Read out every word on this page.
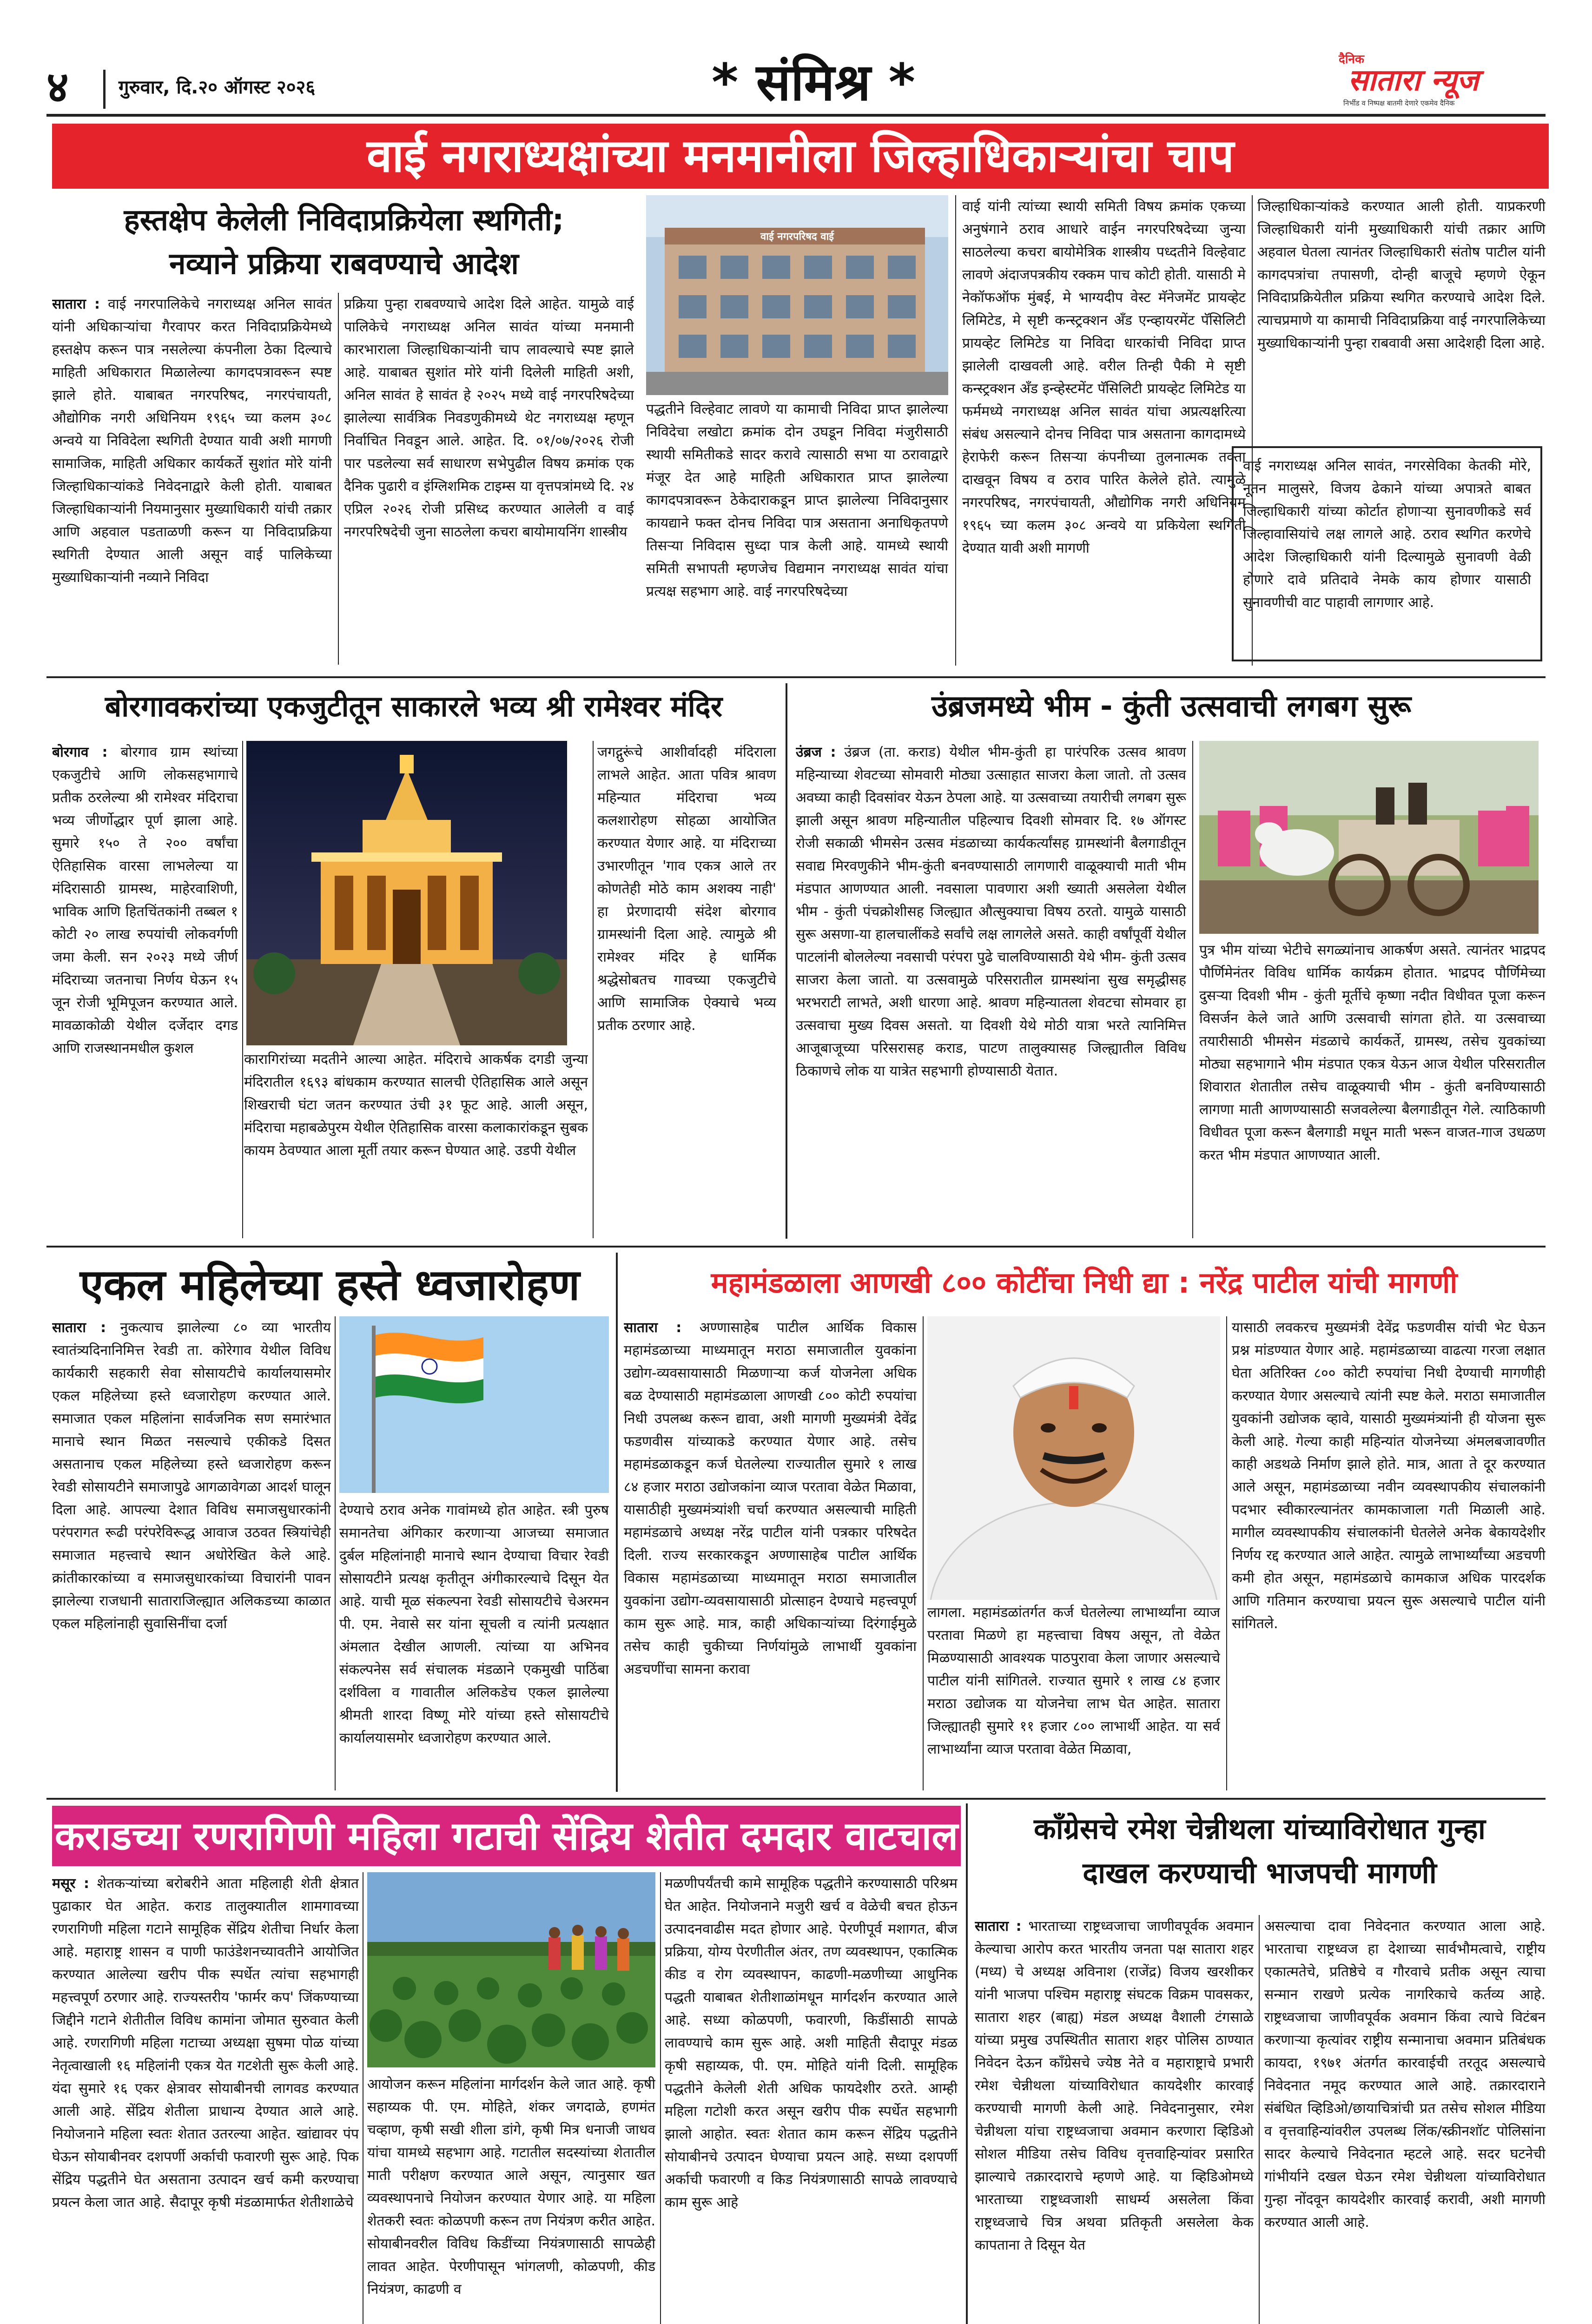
४	गुरुवार, दि.२० ऑगस्ट २०२६	* संमिश्र *	दैनिक
सातारा न्यूज
निर्भीड व निष्पक्ष बातमी देणारे एकमेव दैनिक
वाई नगराध्यक्षांच्या मनमानीला जिल्हाधिकाऱ्यांचा चाप
हस्तक्षेप केलेली निविदाप्रक्रियेला स्थगिती;
नव्याने प्रक्रिया राबवण्याचे आदेश
सातारा : वाई नगरपालिकेचे नगराध्यक्ष अनिल सावंत यांनी अधिकाऱ्यांचा गैरवापर करत निविदाप्रक्रियेमध्ये हस्तक्षेप करून पात्र नसलेल्या कंपनीला ठेका दिल्याचे माहिती अधिकारात मिळालेल्या कागदपत्रावरून स्पष्ट झाले होते. याबाबत नगरपरिषद, नगरपंचायती, औद्योगिक नगरी अधिनियम १९६५ च्या कलम ३०८ अन्वये या निविदेला स्थगिती देण्यात यावी अशी मागणी सामाजिक, माहिती अधिकार कार्यकर्ते सुशांत मोरे यांनी जिल्हाधिकाऱ्यांकडे निवेदनाद्वारे केली होती. याबाबत जिल्हाधिकाऱ्यांनी नियमानुसार मुख्याधिकारी यांची तक्रार आणि अहवाल पडताळणी करून या निविदाप्रक्रिया स्थगिती देण्यात आली असून वाई पालिकेच्या मुख्याधिकाऱ्यांनी नव्याने निविदा
प्रक्रिया पुन्हा राबवण्याचे आदेश दिले आहेत. यामुळे वाई पालिकेचे नगराध्यक्ष अनिल सावंत यांच्या मनमानी कारभाराला जिल्हाधिकाऱ्यांनी चाप लावल्याचे स्पष्ट झाले आहे. याबाबत सुशांत मोरे यांनी दिलेली माहिती अशी, अनिल सावंत हे सावंत हे २०२५ मध्ये वाई नगरपरिषदेच्या झालेल्या सार्वत्रिक निवडणुकीमध्ये थेट नगराध्यक्ष म्हणून निर्वाचित निवडून आले. आहेत. दि. ०१/०७/२०२६ रोजी पार पडलेल्या सर्व साधारण सभेपुढील विषय क्रमांक एक दैनिक पुढारी व इंग्लिशमिक टाइम्स या वृत्तपत्रांमध्ये दि. २४ एप्रिल २०२६ रोजी प्रसिध्द करण्यात आलेली व वाई नगरपरिषदेची जुना साठलेला कचरा बायोमायनिंग शास्त्रीय
वाई नगरपरिषद वाई
पद्धतीने विल्हेवाट लावणे या कामाची निविदा प्राप्त झालेल्या निविदेचा लखोटा क्रमांक दोन उघडून निविदा मंजुरीसाठी स्थायी समितीकडे सादर करावे त्यासाठी सभा या ठरावाद्वारे मंजूर देत आहे माहिती अधिकारात प्राप्त झालेल्या कागदपत्रावरून ठेकेदाराकडून प्राप्त झालेल्या निविदानुसार कायद्याने फक्त दोनच निविदा पात्र असताना अनाधिकृतपणे तिसऱ्या निविदास सुध्दा पात्र केली आहे. यामध्ये स्थायी समिती सभापती म्हणजेच विद्यमान नगराध्यक्ष सावंत यांचा प्रत्यक्ष सहभाग आहे. वाई नगरपरिषदेच्या
वाई यांनी त्यांच्या स्थायी समिती विषय क्रमांक एकच्या अनुषंगाने ठराव आधारे वाईन नगरपरिषदेच्या जुन्या साठलेल्या कचरा बायोमेत्रिक शास्त्रीय पध्दतीने विल्हेवाट लावणे अंदाजपत्रकीय रक्कम पाच कोटी होती. यासाठी मे नेकॉफऑफ मुंबई, मे भाग्यदीप वेस्ट मॅनेजमेंट प्रायव्हेट लिमिटेड, मे सृष्टी कन्स्ट्रक्शन अँड एन्व्हायरमेंट पॅसिलिटी प्रायव्हेट लिमिटेड या निविदा धारकांची निविदा प्राप्त झालेली दाखवली आहे. वरील तिन्ही पैकी मे सृष्टी कन्स्ट्रक्शन अँड इन्व्हेस्टमेंट पॅसिलिटी प्रायव्हेट लिमिटेड या फर्ममध्ये नगराध्यक्ष अनिल सावंत यांचा अप्रत्यक्षरित्या संबंध असल्याने दोनच निविदा पात्र असताना कागदामध्ये हेराफेरी करून तिसऱ्या कंपनीच्या तुलनात्मक तक्ता दाखवून विषय व ठराव पारित केलेले होते. त्यामुळे नगरपरिषद, नगरपंचायती, औद्योगिक नगरी अधिनियम १९६५ च्या कलम ३०८ अन्वये या प्रकियेला स्थगिती देण्यात यावी अशी मागणी
जिल्हाधिकाऱ्यांकडे करण्यात आली होती. याप्रकरणी जिल्हाधिकारी यांनी मुख्याधिकारी यांची तक्रार आणि अहवाल घेतला त्यानंतर जिल्हाधिकारी संतोष पाटील यांनी कागदपत्रांचा तपासणी, दोन्ही बाजूचे म्हणणे ऐकून निविदाप्रक्रियेतील प्रक्रिया स्थगित करण्याचे आदेश दिले. त्याचप्रमाणे या कामाची निविदाप्रक्रिया वाई नगरपालिकेच्या मुख्याधिकाऱ्यांनी पुन्हा राबवावी असा आदेशही दिला आहे.
वाई नगराध्यक्ष अनिल सावंत, नगरसेविका केतकी मोरे, नूतन मालुसरे, विजय ढेकाने यांच्या अपात्रते बाबत जिल्हाधिकारी यांच्या कोर्टात होणाऱ्या सुनावणीकडे सर्व जिल्हावासियांचे लक्ष लागले आहे. ठराव स्थगित करणेचे आदेश जिल्हाधिकारी यांनी दिल्यामुळे सुनावणी वेळी होणारे दावे प्रतिदावे नेमके काय होणार यासाठी सुनावणीची वाट पाहावी लागणार आहे.
बोरगावकरांच्या एकजुटीतून साकारले भव्य श्री रामेश्वर मंदिर
बोरगाव : बोरगाव ग्राम स्थांच्या एकजुटीचे आणि लोकसहभागाचे प्रतीक ठरलेल्या श्री रामेश्वर मंदिराचा भव्य जीर्णोद्धार पूर्ण झाला आहे. सुमारे १५० ते २०० वर्षांचा ऐतिहासिक वारसा लाभलेल्या या मंदिरासाठी ग्रामस्थ, माहेरवाशिणी, भाविक आणि हितचिंतकांनी तब्बल १ कोटी २० लाख रुपयांची लोकवर्गणी जमा केली. सन २०२३ मध्ये जीर्ण मंदिराच्या जतनाचा निर्णय घेऊन १५ जून रोजी भूमिपूजन करण्यात आले. मावळाकोळी येथील दर्जेदार दगड आणि राजस्थानमधील कुशल
कारागिरांच्या मदतीने आल्या आहेत. मंदिराचे आकर्षक दगडी जुन्या मंदिरातील १६९३ बांधकाम करण्यात सालची ऐतिहासिक आले असून शिखराची घंटा जतन करण्यात उंची ३१ फूट आहे. आली असून, मंदिराचा महाबळेपुरम येथील ऐतिहासिक वारसा कलाकारांकडून सुबक कायम ठेवण्यात आला मूर्ती तयार करून घेण्यात आहे. उडपी येथील
जगद्गुरूंचे आशीर्वादही मंदिराला लाभले आहेत. आता पवित्र श्रावण महिन्यात मंदिराचा भव्य कलशारोहण सोहळा आयोजित करण्यात येणार आहे. या मंदिराच्या उभारणीतून 'गाव एकत्र आले तर कोणतेही मोठे काम अशक्य नाही' हा प्रेरणादायी संदेश बोरगाव ग्रामस्थांनी दिला आहे. त्यामुळे श्री रामेश्वर मंदिर हे धार्मिक श्रद्धेसोबतच गावच्या एकजुटीचे आणि सामाजिक ऐक्याचे भव्य प्रतीक ठरणार आहे.
उंब्रजमध्ये भीम - कुंती उत्सवाची लगबग सुरू
उंब्रज : उंब्रज (ता. कराड) येथील भीम-कुंती हा पारंपरिक उत्सव श्रावण महिन्याच्या शेवटच्या सोमवारी मोठ्या उत्साहात साजरा केला जातो. तो उत्सव अवघ्या काही दिवसांवर येऊन ठेपला आहे. या उत्सवाच्या तयारीची लगबग सुरू झाली असून श्रावण महिन्यातील पहिल्याच दिवशी सोमवार दि. १७ ऑगस्ट रोजी सकाळी भीमसेन उत्सव मंडळाच्या कार्यकर्त्यांसह ग्रामस्थांनी बैलगाडीतून सवाद्य मिरवणुकीने भीम-कुंती बनवण्यासाठी लागणारी वाळूक्याची माती भीम मंडपात आणण्यात आली. नवसाला पावणारा अशी ख्याती असलेला येथील भीम - कुंती पंचक्रोशीसह जिल्ह्यात औत्सुक्याचा विषय ठरतो. यामुळे यासाठी सुरू असणा-या हालचालींकडे सर्वांचे लक्ष लागलेले असते. काही वर्षांपूर्वी येथील पाटलांनी बोललेल्या नवसाची परंपरा पुढे चालविण्यासाठी येथे भीम- कुंती उत्सव साजरा केला जातो. या उत्सवामुळे परिसरातील ग्रामस्थांना सुख समृद्धीसह भरभराटी लाभते, अशी धारणा आहे. श्रावण महिन्यातला शेवटचा सोमवार हा उत्सवाचा मुख्य दिवस असतो. या दिवशी येथे मोठी यात्रा भरते त्यानिमित्त आजूबाजूच्या परिसरासह कराड, पाटण तालुक्यासह जिल्ह्यातील विविध ठिकाणचे लोक या यात्रेत सहभागी होण्यासाठी येतात.
पुत्र भीम यांच्या भेटीचे सगळ्यांनाच आकर्षण असते. त्यानंतर भाद्रपद पौर्णिमेनंतर विविध धार्मिक कार्यक्रम होतात. भाद्रपद पौर्णिमेच्या दुसऱ्या दिवशी भीम - कुंती मूर्तीचे कृष्णा नदीत विधीवत पूजा करून विसर्जन केले जाते आणि उत्सवाची सांगता होते. या उत्सवाच्या तयारीसाठी भीमसेन मंडळाचे कार्यकर्ते, ग्रामस्थ, तसेच युवकांच्या मोठ्या सहभागाने भीम मंडपात एकत्र येऊन आज येथील परिसरातील शिवारात शेतातील तसेच वाळूक्याची भीम - कुंती बनविण्यासाठी लागणा माती आणण्यासाठी सजवलेल्या बैलगाडीतून गेले. त्याठिकाणी विधीवत पूजा करून बैलगाडी मधून माती भरून वाजत-गाज उधळण करत भीम मंडपात आणण्यात आली.
एकल महिलेच्या हस्ते ध्वजारोहण
सातारा : नुकत्याच झालेल्या ८० व्या भारतीय स्वातंत्र्यदिनानिमित्त रेवडी ता. कोरेगाव येथील विविध कार्यकारी सहकारी सेवा सोसायटीचे कार्यालयासमोर एकल महिलेच्या हस्ते ध्वजारोहण करण्यात आले. समाजात एकल महिलांना सार्वजनिक सण समारंभात मानाचे स्थान मिळत नसल्याचे एकीकडे दिसत असतानाच एकल महिलेच्या हस्ते ध्वजारोहण करून रेवडी सोसायटीने समाजापुढे आगळावेगळा आदर्श घालून दिला आहे. आपल्या देशात विविध समाजसुधारकांनी परंपरागत रूढी परंपरेविरूद्ध आवाज उठवत स्त्रियांचेही समाजात महत्त्वाचे स्थान अधोरेखित केले आहे. क्रांतीकारकांच्या व समाजसुधारकांच्या विचारांनी पावन झालेल्या राजधानी साताराजिल्ह्यात अलिकडच्या काळात एकल महिलांनाही सुवासिनींचा दर्जा
देण्याचे ठराव अनेक गावांमध्ये होत आहेत. स्त्री पुरुष समानतेचा अंगिकार करणाऱ्या आजच्या समाजात दुर्बल महिलांनाही मानाचे स्थान देण्याचा विचार रेवडी सोसायटीने प्रत्यक्ष कृतीतून अंगीकारल्याचे दिसून येत आहे. याची मूळ संकल्पना रेवडी सोसायटीचे चेअरमन पी. एम. नेवासे सर यांना सूचली व त्यांनी प्रत्यक्षात अंमलात देखील आणली. त्यांच्या या अभिनव संकल्पनेस सर्व संचालक मंडळाने एकमुखी पाठिंबा दर्शविला व गावातील अलिकडेच एकल झालेल्या श्रीमती शारदा विष्णू मोरे यांच्या हस्ते सोसायटीचे कार्यालयासमोर ध्वजारोहण करण्यात आले.
महामंडळाला आणखी ८०० कोटींचा निधी द्या : नरेंद्र पाटील यांची मागणी
सातारा : अण्णासाहेब पाटील आर्थिक विकास महामंडळाच्या माध्यमातून मराठा समाजातील युवकांना उद्योग-व्यवसायासाठी मिळणाऱ्या कर्ज योजनेला अधिक बळ देण्यासाठी महामंडळाला आणखी ८०० कोटी रुपयांचा निधी उपलब्ध करून द्यावा, अशी मागणी मुख्यमंत्री देवेंद्र फडणवीस यांच्याकडे करण्यात येणार आहे. तसेच महामंडळाकडून कर्ज घेतलेल्या राज्यातील सुमारे १ लाख ८४ हजार मराठा उद्योजकांना व्याज परतावा वेळेत मिळावा, यासाठीही मुख्यमंत्र्यांशी चर्चा करण्यात असल्याची माहिती महामंडळाचे अध्यक्ष नरेंद्र पाटील यांनी पत्रकार परिषदेत दिली. राज्य सरकारकडून अण्णासाहेब पाटील आर्थिक विकास महामंडळाच्या माध्यमातून मराठा समाजातील युवकांना उद्योग-व्यवसायासाठी प्रोत्साहन देण्याचे महत्त्वपूर्ण काम सुरू आहे. मात्र, काही अधिकाऱ्यांच्या दिरंगाईमुळे तसेच काही चुकीच्या निर्णयांमुळे लाभार्थी युवकांना अडचणींचा सामना करावा
लागला. महामंडळांतर्गत कर्ज घेतलेल्या लाभार्थ्यांना व्याज परतावा मिळणे हा महत्त्वाचा विषय असून, तो वेळेत मिळण्यासाठी आवश्यक पाठपुरावा केला जाणार असल्याचे पाटील यांनी सांगितले. राज्यात सुमारे १ लाख ८४ हजार मराठा उद्योजक या योजनेचा लाभ घेत आहेत. सातारा जिल्ह्यातही सुमारे ११ हजार ८०० लाभार्थी आहेत. या सर्व लाभार्थ्यांना व्याज परतावा वेळेत मिळावा,
यासाठी लवकरच मुख्यमंत्री देवेंद्र फडणवीस यांची भेट घेऊन प्रश्न मांडण्यात येणार आहे. महामंडळाच्या वाढत्या गरजा लक्षात घेता अतिरिक्त ८०० कोटी रुपयांचा निधी देण्याची मागणीही करण्यात येणार असल्याचे त्यांनी स्पष्ट केले. मराठा समाजातील युवकांनी उद्योजक व्हावे, यासाठी मुख्यमंत्र्यांनी ही योजना सुरू केली आहे. गेल्या काही महिन्यांत योजनेच्या अंमलबजावणीत काही अडथळे निर्माण झाले होते. मात्र, आता ते दूर करण्यात आले असून, महामंडळाच्या नवीन व्यवस्थापकीय संचालकांनी पदभार स्वीकारल्यानंतर कामकाजाला गती मिळाली आहे. मागील व्यवस्थापकीय संचालकांनी घेतलेले अनेक बेकायदेशीर निर्णय रद्द करण्यात आले आहेत. त्यामुळे लाभार्थ्यांच्या अडचणी कमी होत असून, महामंडळाचे कामकाज अधिक पारदर्शक आणि गतिमान करण्याचा प्रयत्न सुरू असल्याचे पाटील यांनी सांगितले.
कराडच्या रणरागिणी महिला गटाची सेंद्रिय शेतीत दमदार वाटचाल
मसूर : शेतकऱ्यांच्या बरोबरीने आता महिलाही शेती क्षेत्रात पुढाकार घेत आहेत. कराड तालुक्यातील शामगावच्या रणरागिणी महिला गटाने सामूहिक सेंद्रिय शेतीचा निर्धार केला आहे. महाराष्ट्र शासन व पाणी फाउंडेशनच्यावतीने आयोजित करण्यात आलेल्या खरीप पीक स्पर्धेत त्यांचा सहभागही महत्त्वपूर्ण ठरणार आहे. राज्यस्तरीय 'फार्मर कप' जिंकण्याच्या जिद्दीने गटाने शेतीतील विविध कामांना जोमात सुरुवात केली आहे. रणरागिणी महिला गटाच्या अध्यक्षा सुषमा पोळ यांच्या नेतृत्वाखाली १६ महिलांनी एकत्र येत गटशेती सुरू केली आहे. यंदा सुमारे १६ एकर क्षेत्रावर सोयाबीनची लागवड करण्यात आली आहे. सेंद्रिय शेतीला प्राधान्य देण्यात आले आहे. नियोजनाने महिला स्वतः शेतात उतरल्या आहेत. खांद्यावर पंप घेऊन सोयाबीनवर दशपर्णी अर्काची फवारणी सुरू आहे. पिक सेंद्रिय पद्धतीने घेत असताना उत्पादन खर्च कमी करण्याचा प्रयत्न केला जात आहे. सैदापूर कृषी मंडळामार्फत शेतीशाळेचे
आयोजन करून महिलांना मार्गदर्शन केले जात आहे. कृषी सहाय्यक पी. एम. मोहिते, शंकर जगदाळे, हणमंत चव्हाण, कृषी सखी शीला डांगे, कृषी मित्र धनाजी जाधव यांचा यामध्ये सहभाग आहे. गटातील सदस्यांच्या शेतातील माती परीक्षण करण्यात आले असून, त्यानुसार खत व्यवस्थापनाचे नियोजन करण्यात येणार आहे. या महिला शेतकरी स्वतः कोळपणी करून तण नियंत्रण करीत आहेत. सोयाबीनवरील विविध किडींच्या नियंत्रणासाठी सापळेही लावत आहेत. पेरणीपासून भांगलणी, कोळपणी, कीड नियंत्रण, काढणी व
मळणीपर्यंतची कामे सामूहिक पद्धतीने करण्यासाठी परिश्रम घेत आहेत. नियोजनाने मजुरी खर्च व वेळेची बचत होऊन उत्पादनवाढीस मदत होणार आहे. पेरणीपूर्व मशागत, बीज प्रक्रिया, योग्य पेरणीतील अंतर, तण व्यवस्थापन, एकात्मिक कीड व रोग व्यवस्थापन, काढणी-मळणीच्या आधुनिक पद्धती याबाबत शेतीशाळांमधून मार्गदर्शन करण्यात आले आहे. सध्या कोळपणी, फवारणी, किडींसाठी सापळे लावण्याचे काम सुरू आहे. अशी माहिती सैदापूर मंडळ कृषी सहाय्यक, पी. एम. मोहिते यांनी दिली. सामूहिक पद्धतीने केलेली शेती अधिक फायदेशीर ठरते. आम्ही महिला गटाेशी करत असून खरीप पीक स्पर्धेत सहभागी झालो आहोत. स्वतः शेतात काम करून सेंद्रिय पद्धतीने सोयाबीनचे उत्पादन घेण्याचा प्रयत्न आहे. सध्या दशपर्णी अर्काची फवारणी व किड नियंत्रणासाठी सापळे लावण्याचे काम सुरू आहे
काँग्रेसचे रमेश चेन्नीथला यांच्याविरोधात गुन्हा
दाखल करण्याची भाजपची मागणी
सातारा : भारताच्या राष्ट्रध्वजाचा जाणीवपूर्वक अवमान केल्याचा आरोप करत भारतीय जनता पक्ष सातारा शहर (मध्य) चे अध्यक्ष अविनाश (राजेंद्र) विजय खरशीकर यांनी भाजपा पश्चिम महाराष्ट्र संघटक विक्रम पावसकर, सातारा शहर (बाह्य) मंडल अध्यक्ष वैशाली टंगसाळे यांच्या प्रमुख उपस्थितीत सातारा शहर पोलिस ठाण्यात निवेदन देऊन काँग्रेसचे ज्येष्ठ नेते व महाराष्ट्राचे प्रभारी रमेश चेन्नीथला यांच्याविरोधात कायदेशीर कारवाई करण्याची मागणी केली आहे. निवेदनानुसार, रमेश चेन्नीथला यांचा राष्ट्रध्वजाचा अवमान करणारा व्हिडिओ सोशल मीडिया तसेच विविध वृत्तवाहिन्यांवर प्रसारित झाल्याचे तक्रारदाराचे म्हणणे आहे. या व्हिडिओमध्ये भारताच्या राष्ट्रध्वजाशी साधर्म्य असलेला किंवा राष्ट्रध्वजाचे चित्र अथवा प्रतिकृती असलेला केक कापताना ते दिसून येत
असल्याचा दावा निवेदनात करण्यात आला आहे. भारताचा राष्ट्रध्वज हा देशाच्या सार्वभौमत्वाचे, राष्ट्रीय एकात्मतेचे, प्रतिष्ठेचे व गौरवाचे प्रतीक असून त्याचा सन्मान राखणे प्रत्येक नागरिकाचे कर्तव्य आहे. राष्ट्रध्वजाचा जाणीवपूर्वक अवमान किंवा त्याचे विटंबन करणाऱ्या कृत्यांवर राष्ट्रीय सन्मानाचा अवमान प्रतिबंधक कायदा, १९७१ अंतर्गत कारवाईची तरतूद असल्याचे निवेदनात नमूद करण्यात आले आहे. तक्रारदाराने संबंधित व्हिडिओ/छायाचित्रांची प्रत तसेच सोशल मीडिया व वृत्तवाहिन्यांवरील उपलब्ध लिंक/स्क्रीनशॉट पोलिसांना सादर केल्याचे निवेदनात म्हटले आहे. सदर घटनेची गांभीर्याने दखल घेऊन रमेश चेन्नीथला यांच्याविरोधात गुन्हा नोंदवून कायदेशीर कारवाई करावी, अशी मागणी करण्यात आली आहे.
